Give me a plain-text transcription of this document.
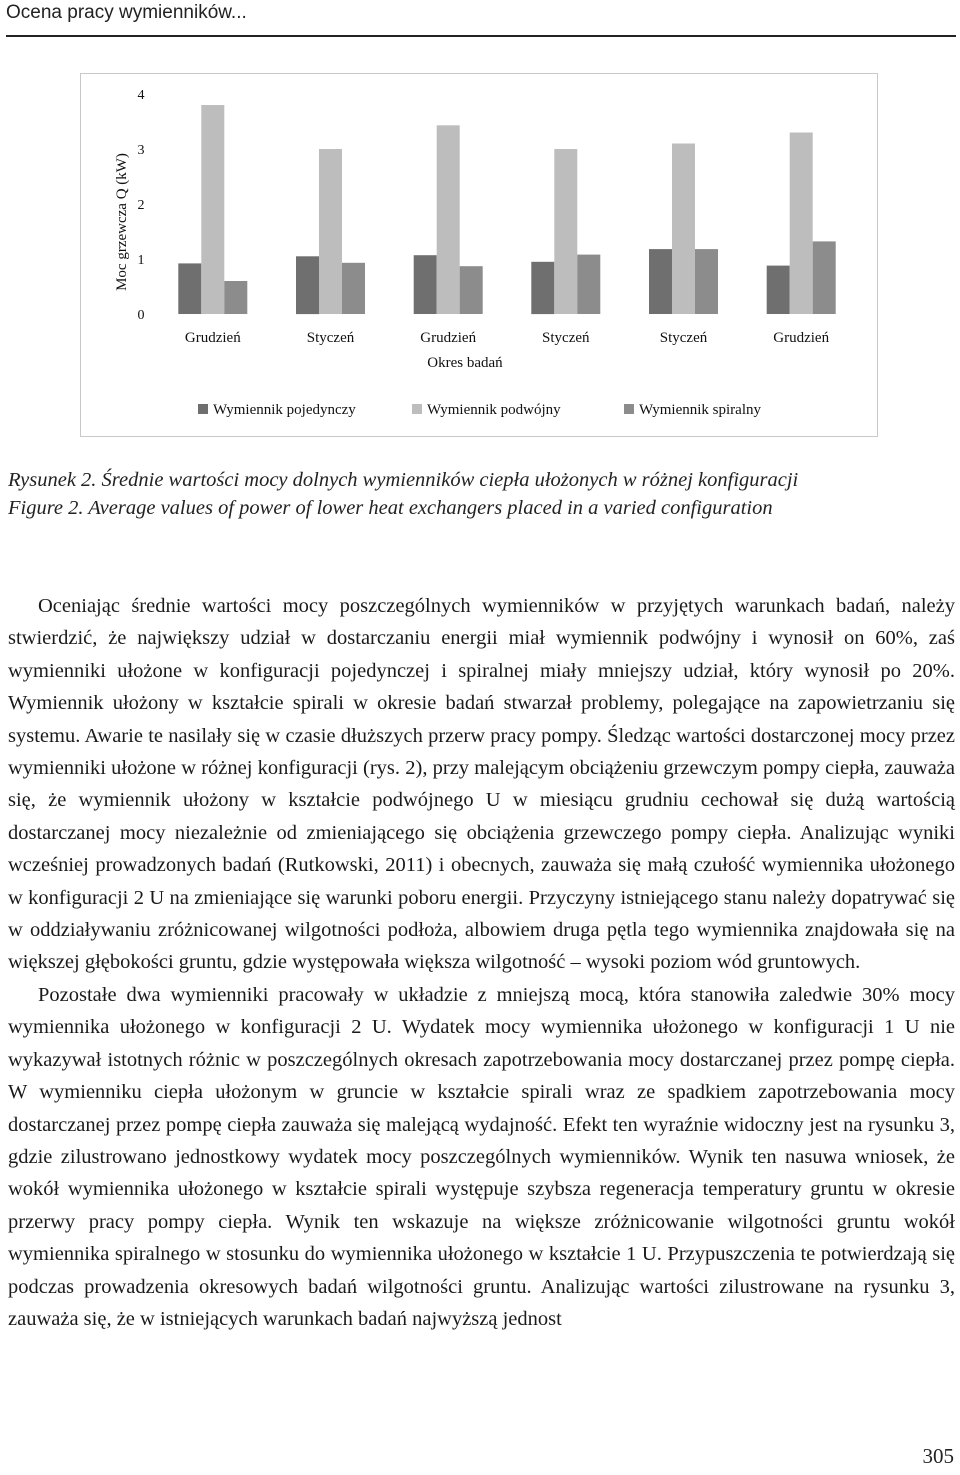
Ocena pracy wymienników...
0
1
2
3
4
Grudzień	Styczeń	Grudzień	Styczeń	Styczeń	Grudzień
Wymiennik pojedynczy	Wymiennik podwójny	Wymiennik spiralny
Moc grzewcza Q (kW)
Okres badań

Rysunek 2. Średnie wartości mocy dolnych wymienników ciepła ułożonych w różnej konfiguracji

Figure 2. Average values of power of lower heat exchangers placed in a varied configuration

Oceniając średnie wartości mocy poszczególnych wymienników w przyjętych warunkach badań, należy stwierdzić, że największy udział w dostarczaniu energii miał wymiennik podwójny i wynosił on 60%, zaś wymienniki ułożone w konfiguracji pojedynczej i spiralnej miały mniejszy udział, który wynosił po 20%. Wymiennik ułożony w kształcie spirali w okresie badań stwarzał problemy, polegające na zapowietrzaniu się systemu. Awarie te nasilały się w czasie dłuższych przerw pracy pompy. Śledząc wartości dostarczonej mocy przez wymienniki ułożone w różnej konfiguracji (rys. 2), przy malejącym obciążeniu grzewczym pompy ciepła, zauważa się, że wymiennik ułożony w kształcie podwójnego U w miesiącu grudniu cechował się dużą wartością dostarczanej mocy niezależnie od zmieniającego się obciążenia grzewczego pompy ciepła. Analizując wyniki wcześniej prowadzonych badań (Rutkowski, 2011) i obecnych, zauważa się małą czułość wymiennika ułożonego w konfiguracji 2 U na zmieniające się warunki poboru energii. Przyczyny istniejącego stanu należy dopatrywać się w oddziaływaniu zróżnicowanej wilgotności podłoża, albowiem druga pętla tego wymiennika znajdowała się na większej głębokości gruntu, gdzie występowała większa wilgotność – wysoki poziom wód gruntowych.

Pozostałe dwa wymienniki pracowały w układzie z mniejszą mocą, która stanowiła zaledwie 30% mocy wymiennika ułożonego w konfiguracji 2 U. Wydatek mocy wymiennika ułożonego w konfiguracji 1 U nie wykazywał istotnych różnic w poszczególnych okresach zapotrzebowania mocy dostarczanej przez pompę ciepła. W wymienniku ciepła ułożonym w gruncie w kształcie spirali wraz ze spadkiem zapotrzebowania mocy dostarczanej przez pompę ciepła zauważa się malejącą wydajność. Efekt ten wyraźnie widoczny jest na rysunku 3, gdzie zilustrowano jednostkowy wydatek mocy poszczególnych wymienników. Wynik ten nasuwa wniosek, że wokół wymiennika ułożonego w kształcie spirali występuje szybsza regeneracja temperatury gruntu w okresie przerwy pracy pompy ciepła. Wynik ten wskazuje na większe zróżnicowanie wilgotności gruntu wokół wymiennika spiralnego w stosunku do wymiennika ułożonego w kształcie 1 U. Przypuszczenia te potwierdzają się podczas prowadzenia okresowych badań wilgotności gruntu. Analizując wartości zilustrowane na rysunku 3, zauważa się, że w istniejących warunkach badań najwyższą jednost

305
